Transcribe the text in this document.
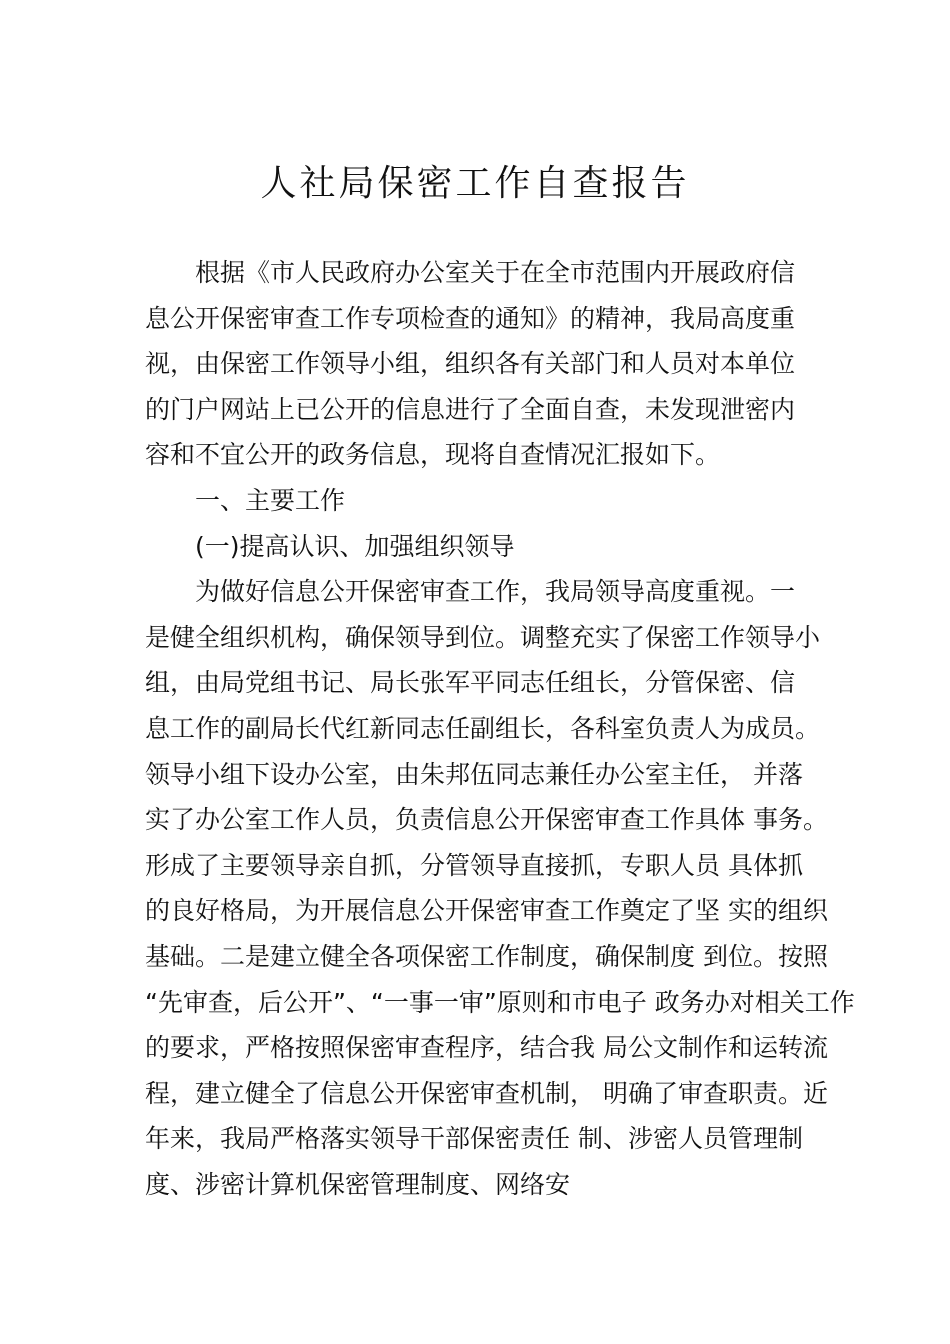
人社局保密工作自查报告
根据《市人民政府办公室关于在全市范围内开展政府信
息公开保密审查工作专项检查的通知》的精神，我局高度重
视，由保密工作领导小组，组织各有关部门和人员对本单位
的门户网站上已公开的信息进行了全面自查，未发现泄密内
容和不宜公开的政务信息，现将自查情况汇报如下。
一、主要工作
(一)提高认识、加强组织领导
为做好信息公开保密审查工作，我局领导高度重视。一
是健全组织机构，确保领导到位。调整充实了保密工作领导小
组，由局党组书记、局长张军平同志任组长，分管保密、信
息工作的副局长代红新同志任副组长，各科室负责人为成员。
领导小组下设办公室，由朱邦伍同志兼任办公室主任， 并落
实了办公室工作人员，负责信息公开保密审查工作具体 事务。
形成了主要领导亲自抓，分管领导直接抓，专职人员 具体抓
的良好格局，为开展信息公开保密审查工作奠定了坚 实的组织
基础。二是建立健全各项保密工作制度，确保制度 到位。按照
“先审查，后公开”、“一事一审”原则和市电子 政务办对相关工作
的要求，严格按照保密审查程序，结合我 局公文制作和运转流
程，建立健全了信息公开保密审查机制， 明确了审查职责。近
年来，我局严格落实领导干部保密责任 制、涉密人员管理制
度、涉密计算机保密管理制度、网络安
